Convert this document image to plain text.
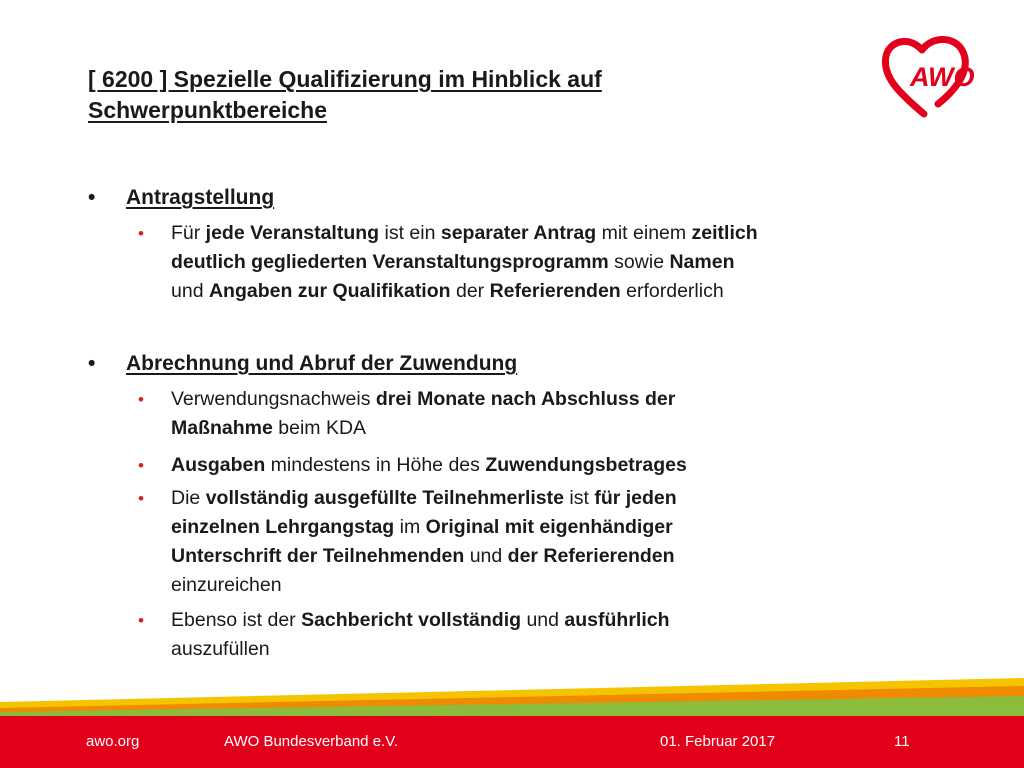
[ 6200 ] Spezielle Qualifizierung im Hinblick auf
Schwerpunktbereiche
AWO
• Antragstellung
• Für jede Veranstaltung ist ein separater Antrag mit einem zeitlich
deutlich gegliederten Veranstaltungsprogramm sowie Namen
und Angaben zur Qualifikation der Referierenden erforderlich
• Abrechnung und Abruf der Zuwendung
• Verwendungsnachweis drei Monate nach Abschluss der
Maßnahme beim KDA
• Ausgaben mindestens in Höhe des Zuwendungsbetrages
• Die vollständig ausgefüllte Teilnehmerliste ist für jeden
einzelnen Lehrgangstag im Original mit eigenhändiger
Unterschrift der Teilnehmenden und der Referierenden
einzureichen
• Ebenso ist der Sachbericht vollständig und ausführlich
auszufüllen
awo.org	AWO Bundesverband e.V.	01. Februar 2017	11
